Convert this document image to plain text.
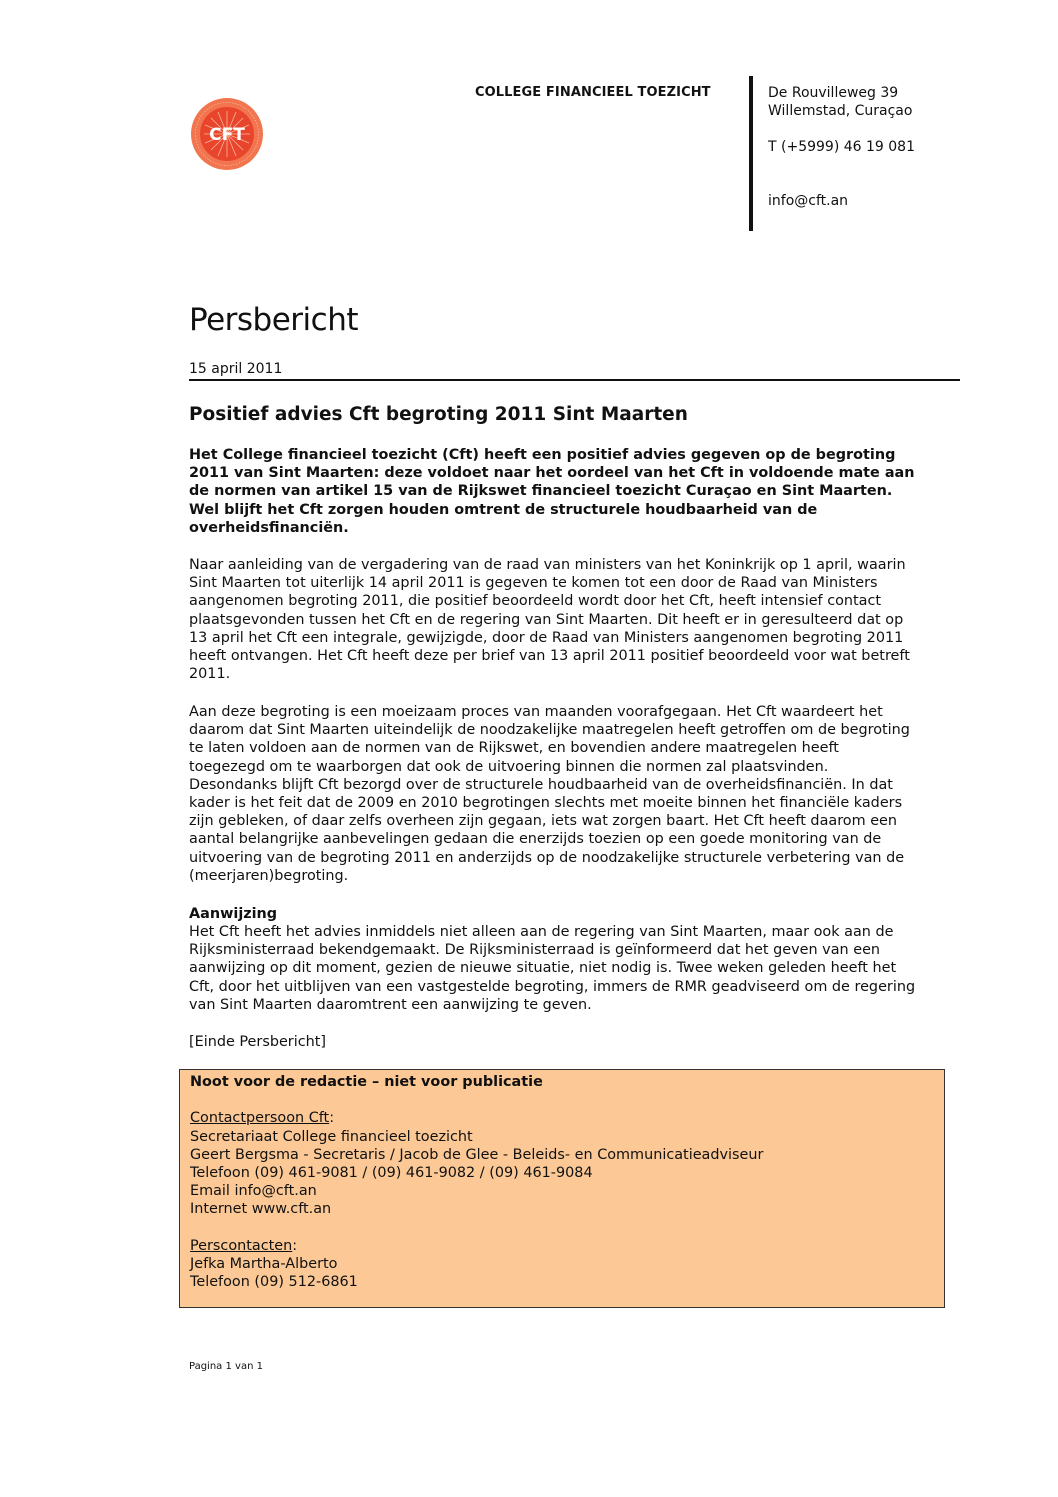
CFT
COLLEGE FINANCIEEL TOEZICHT	De Rouvilleweg 39
Willemstad, Curaçao
T (+5999) 46 19 081
info@cft.an
Persbericht
15 april 2011
Positief advies Cft begroting 2011 Sint Maarten
Het College financieel toezicht (Cft) heeft een positief advies gegeven op de begroting
2011 van Sint Maarten: deze voldoet naar het oordeel van het Cft in voldoende mate aan
de normen van artikel 15 van de Rijkswet financieel toezicht Curaçao en Sint Maarten.
Wel blijft het Cft zorgen houden omtrent de structurele houdbaarheid van de
overheidsfinanciën.
Naar aanleiding van de vergadering van de raad van ministers van het Koninkrijk op 1 april, waarin
Sint Maarten tot uiterlijk 14 april 2011 is gegeven te komen tot een door de Raad van Ministers
aangenomen begroting 2011, die positief beoordeeld wordt door het Cft, heeft intensief contact
plaatsgevonden tussen het Cft en de regering van Sint Maarten. Dit heeft er in geresulteerd dat op
13 april het Cft een integrale, gewijzigde, door de Raad van Ministers aangenomen begroting 2011
heeft ontvangen. Het Cft heeft deze per brief van 13 april 2011 positief beoordeeld voor wat betreft
2011.
Aan deze begroting is een moeizaam proces van maanden voorafgegaan. Het Cft waardeert het
daarom dat Sint Maarten uiteindelijk de noodzakelijke maatregelen heeft getroffen om de begroting
te laten voldoen aan de normen van de Rijkswet, en bovendien andere maatregelen heeft
toegezegd om te waarborgen dat ook de uitvoering binnen die normen zal plaatsvinden.
Desondanks blijft Cft bezorgd over de structurele houdbaarheid van de overheidsfinanciën. In dat
kader is het feit dat de 2009 en 2010 begrotingen slechts met moeite binnen het financiële kaders
zijn gebleken, of daar zelfs overheen zijn gegaan, iets wat zorgen baart. Het Cft heeft daarom een
aantal belangrijke aanbevelingen gedaan die enerzijds toezien op een goede monitoring van de
uitvoering van de begroting 2011 en anderzijds op de noodzakelijke structurele verbetering van de
(meerjaren)begroting.
Aanwijzing
Het Cft heeft het advies inmiddels niet alleen aan de regering van Sint Maarten, maar ook aan de
Rijksministerraad bekendgemaakt. De Rijksministerraad is geïnformeerd dat het geven van een
aanwijzing op dit moment, gezien de nieuwe situatie, niet nodig is. Twee weken geleden heeft het
Cft, door het uitblijven van een vastgestelde begroting, immers de RMR geadviseerd om de regering
van Sint Maarten daaromtrent een aanwijzing te geven.
[Einde Persbericht]
Noot voor de redactie – niet voor publicatie
Contactpersoon Cft:
Secretariaat College financieel toezicht
Geert Bergsma - Secretaris / Jacob de Glee - Beleids- en Communicatieadviseur
Telefoon (09) 461-9081 / (09) 461-9082 / (09) 461-9084
Email info@cft.an
Internet www.cft.an
Perscontacten:
Jefka Martha-Alberto
Telefoon (09) 512-6861
Pagina 1 van 1
